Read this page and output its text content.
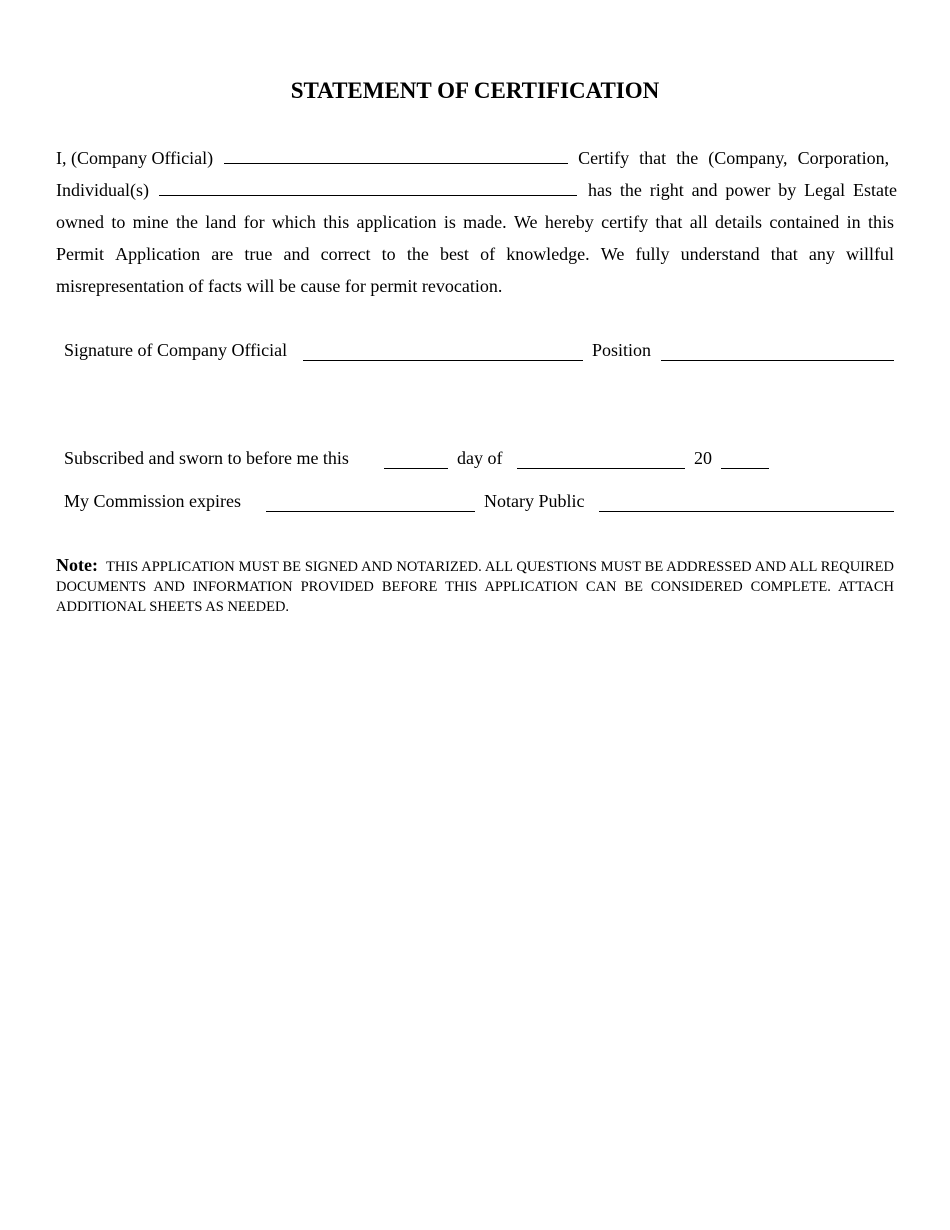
STATEMENT OF CERTIFICATION
I, (Company Official)	Certify that the (Company, Corporation,
Individual(s)	has the right and power by Legal Estate
owned to mine the land for which this application is made. We hereby certify that all details contained in this
Permit Application are true and correct to the best of knowledge. We fully understand that any willful
misrepresentation of facts will be cause for permit revocation.
Signature of Company Official	Position
Subscribed and sworn to before me this	day of	20
My Commission expires	Notary Public
Note: THIS APPLICATION MUST BE SIGNED AND NOTARIZED. ALL QUESTIONS MUST BE ADDRESSED AND ALL REQUIRED DOCUMENTS AND INFORMATION PROVIDED BEFORE THIS APPLICATION CAN BE CONSIDERED COMPLETE. ATTACH ADDITIONAL SHEETS AS NEEDED.
